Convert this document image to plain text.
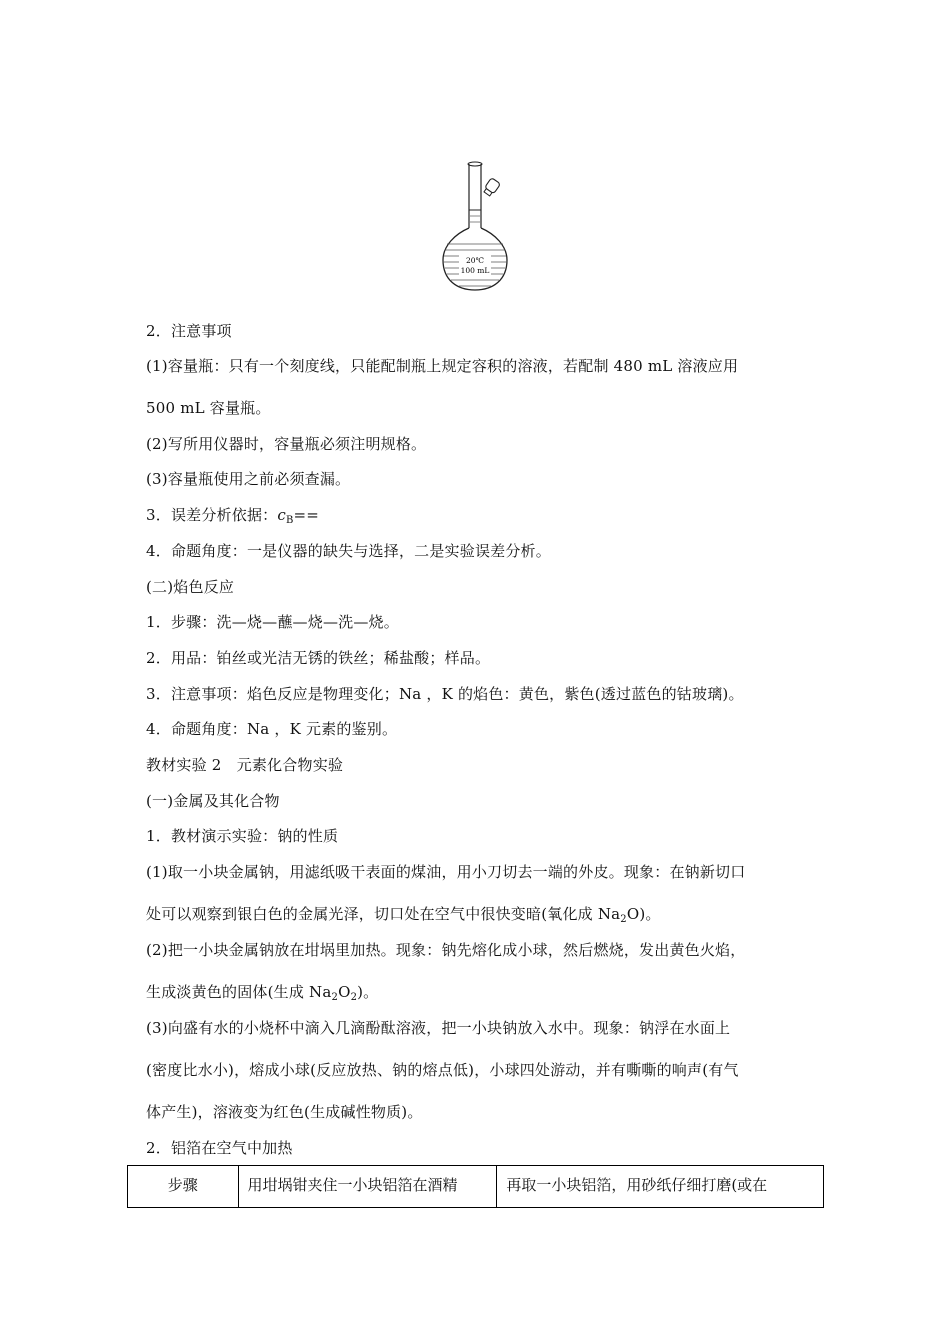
20℃
100 mL
2．注意事项
(1)容量瓶：只有一个刻度线，只能配制瓶上规定容积的溶液，若配制 480 mL 溶液应用
500 mL 容量瓶。
(2)写所用仪器时，容量瓶必须注明规格。
(3)容量瓶使用之前必须查漏。
3．误差分析依据：$c_B==$
4．命题角度：一是仪器的缺失与选择，二是实验误差分析。
(二)焰色反应
1．步骤：洗—烧—蘸—烧—洗—烧。
2．用品：铂丝或光洁无锈的铁丝；稀盐酸；样品。
3．注意事项：焰色反应是物理变化；Na ，K 的焰色：黄色，紫色(透过蓝色的钴玻璃)。
4．命题角度：Na ，K 元素的鉴别。
教材实验 2　元素化合物实验
(一)金属及其化合物
1．教材演示实验：钠的性质
(1)取一小块金属钠，用滤纸吸干表面的煤油，用小刀切去一端的外皮。现象：在钠新切口
处可以观察到银白色的金属光泽，切口处在空气中很快变暗(氧化成 $Na_2O$)。
(2)把一小块金属钠放在坩埚里加热。现象：钠先熔化成小球，然后燃烧，发出黄色火焰，
生成淡黄色的固体(生成 $Na_2O_2$)。
(3)向盛有水的小烧杯中滴入几滴酚酞溶液，把一小块钠放入水中。现象：钠浮在水面上
(密度比水小)，熔成小球(反应放热、钠的熔点低)，小球四处游动，并有嘶嘶的响声(有气
体产生)，溶液变为红色(生成碱性物质)。
2．铝箔在空气中加热
步骤	用坩埚钳夹住一小块铝箔在酒精	再取一小块铝箔，用砂纸仔细打磨(或在
